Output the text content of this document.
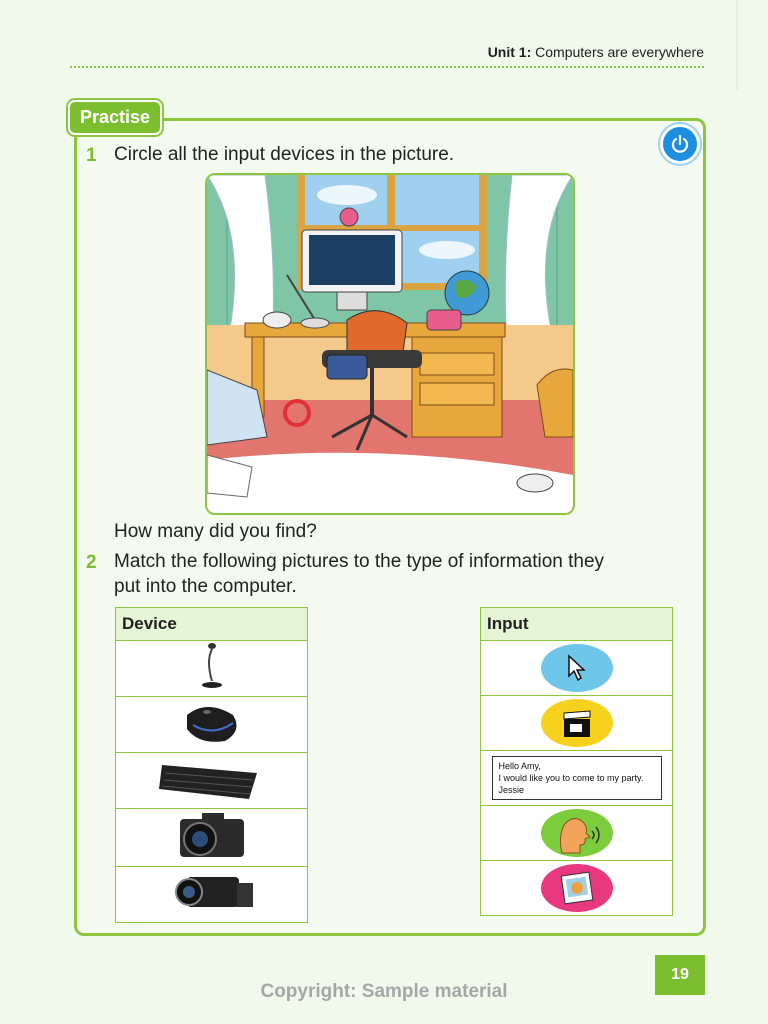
Unit 1: Computers are everywhere
Practise
1 Circle all the input devices in the picture.
How many did you find?
2 Match the following pictures to the type of information they
put into the computer.
Device	Input

Hello Amy,
I would like you to come to my party.
Jessie

19
Copyright: Sample material
